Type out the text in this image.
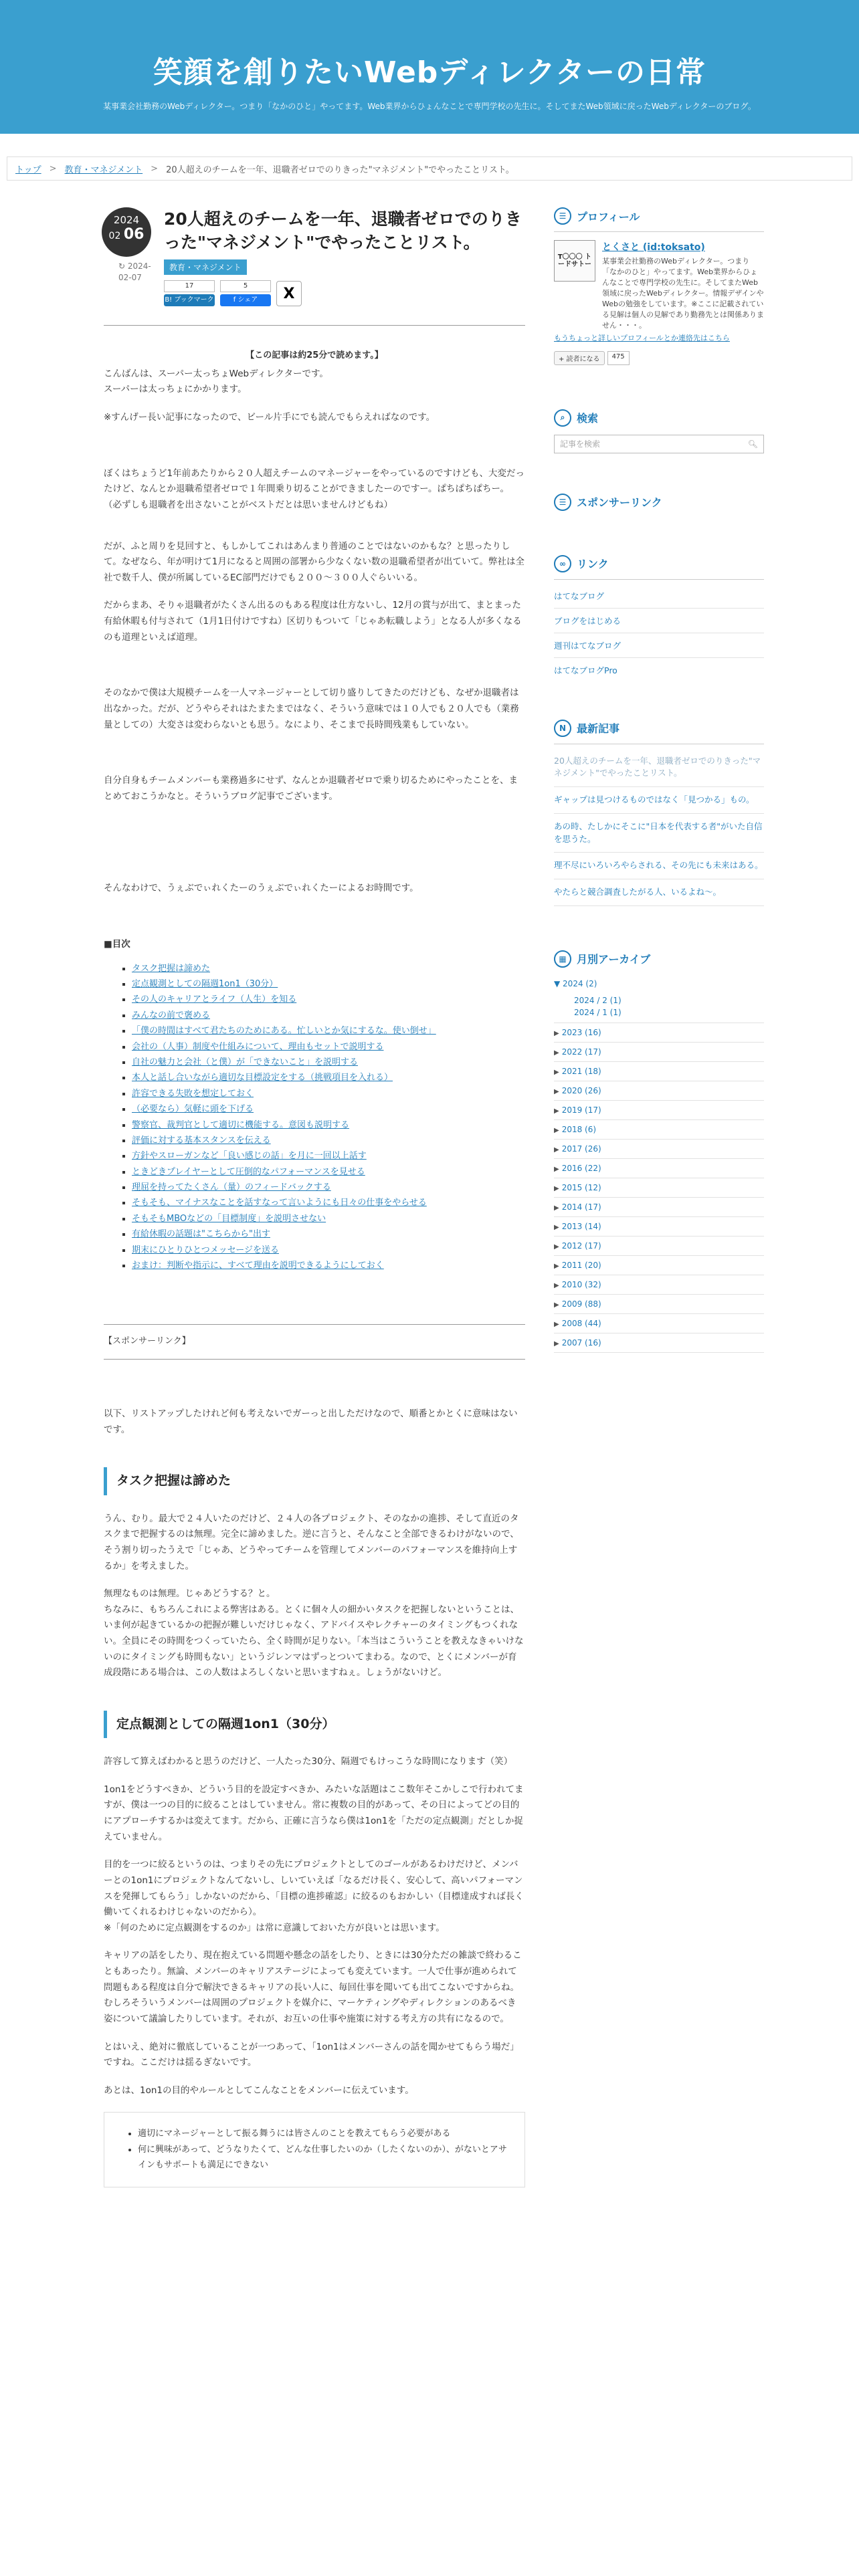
笑顔を創りたいWebディレクターの日常
某事業会社勤務のWebディレクター。つまり「なかのひと」やってます。Web業界からひょんなことで専門学校の先生に。そしてまたWeb領域に戻ったWebディレクターのブログ。
トップ > 教育・マネジメント > 20人超えのチームを一年、退職者ゼロでのりきった"マネジメント"でやったことリスト。
2024
02 06
↻ 2024-02-07
20人超えのチームを一年、退職者ゼロでのりきった"マネジメント"でやったことリスト。
教育・マネジメント
17
B! ブックマーク
5
f シェア	X

【この記事は約25分で読めます。】

こんばんは、スーパー太っちょWebディレクターです。
スーパーは太っちょにかかります。

※すんげー長い記事になったので、ビール片手にでも読んでもらえればなのです。

ぼくはちょうど1年前あたりから２０人超えチームのマネージャーをやっているのですけども、大変だったけど、なんとか退職希望者ゼロで１年間乗り切ることができましたーのですー。ぱちぱちぱちー。
（必ずしも退職者を出さないことがベストだとは思いませんけどもね）

だが、ふと周りを見回すと、もしかしてこれはあんまり普通のことではないのかもな？と思ったりして。なぜなら、年が明けて1月になると周囲の部署から少なくない数の退職希望者が出ていて。弊社は全社で数千人、僕が所属しているEC部門だけでも２００～３００人ぐらいいる。

だからまあ、そりゃ退職者がたくさん出るのもある程度は仕方ないし、12月の賞与が出て、まとまった有給休暇も付与されて（1月1日付けですね）区切りもついて「じゃあ転職しよう」となる人が多くなるのも道理といえば道理。

そのなかで僕は大規模チームを一人マネージャーとして切り盛りしてきたのだけども、なぜか退職者は出なかった。だが、どうやらそれはたまたまではなく、そういう意味では１０人でも２０人でも（業務量としての）大変さは変わらないとも思う。なにより、そこまで長時間残業もしていない。

自分自身もチームメンバーも業務過多にせず、なんとか退職者ゼロで乗り切るためにやったことを、まとめておこうかなと。そういうブログ記事でございます。

そんなわけで、うぇぶでぃれくたーのうぇぶでぃれくたーによるお時間です。

■目次
▪ タスク把握は諦めた
▪ 定点観測としての隔週1on1（30分）
▪ その人のキャリアとライフ（人生）を知る
▪ みんなの前で褒める
▪ 「僕の時間はすべて君たちのためにある。忙しいとか気にするな。使い倒せ」
▪ 会社の（人事）制度や仕組みについて、理由もセットで説明する
▪ 自社の魅力と会社（と僕）が「できないこと」を説明する
▪ 本人と話し合いながら適切な目標設定をする（挑戦項目を入れる）
▪ 許容できる失敗を想定しておく
▪ （必要なら）気軽に頭を下げる
▪ 警察官、裁判官として適切に機能する。意図も説明する
▪ 評価に対する基本スタンスを伝える
▪ 方針やスローガンなど「良い感じの話」を月に一回以上話す
▪ ときどきプレイヤーとして圧倒的なパフォーマンスを見せる
▪ 理屈を持ってたくさん（量）のフィードバックする
▪ そもそも、マイナスなことを話すなって言いようにも日々の仕事をやらせる
▪ そもそもMBOなどの「目標制度」を説明させない
▪ 有給休暇の話題は"こちらから"出す
▪ 期末にひとりひとつメッセージを送る
▪ おまけ：判断や指示に、すべて理由を説明できるようにしておく
【スポンサーリンク】

以下、リストアップしたけれど何も考えないでガーっと出しただけなので、順番とかとくに意味はないです。

タスク把握は諦めた

うん、むり。最大で２４人いたのだけど、２４人の各プロジェクト、そのなかの進捗、そして直近のタスクまで把握するのは無理。完全に諦めました。逆に言うと、そんなこと全部できるわけがないので、そう割り切ったうえで「じゃあ、どうやってチームを管理してメンバーのパフォーマンスを維持向上するか」を考えました。

無理なものは無理。じゃあどうする？と。
ちなみに、もちろんこれによる弊害はある。とくに個々人の細かいタスクを把握しないということは、いま何が起きているかの把握が難しいだけじゃなく、アドバイスやレクチャーのタイミングもつくれない。全員にその時間をつくっていたら、全く時間が足りない。「本当はこういうことを教えなきゃいけないのにタイミングも時間もない」というジレンマはずっとついてまわる。なので、とくにメンバーが育成段階にある場合は、この人数はよろしくないと思いますねぇ。しょうがないけど。

定点観測としての隔週1on1（30分）

許容して算えばわかると思うのだけど、一人たった30分、隔週でもけっこうな時間になります（笑）

1on1をどうすべきか、どういう目的を設定すべきか、みたいな話題はここ数年そこかしこで行われてますが、僕は一つの目的に絞ることはしていません。常に複数の目的があって、その日によってどの目的にアプローチするかは変えてます。だから、正確に言うなら僕は1on1を「ただの定点観測」だとしか捉えていません。

目的を一つに絞るというのは、つまりその先にプロジェクトとしてのゴールがあるわけだけど、メンバーとの1on1にプロジェクトなんてないし、しいていえば「なるだけ長く、安心して、高いパフォーマンスを発揮してもらう」しかないのだから、「目標の進捗確認」に絞るのもおかしい（目標達成すれば長く働いてくれるわけじゃないのだから）。
※「何のために定点観測をするのか」は常に意識しておいた方が良いとは思います。

キャリアの話をしたり、現在抱えている問題や懸念の話をしたり、ときには30分ただの雑談で終わることもあったり。無論、メンバーのキャリアステージによっても変えています。一人で仕事が進められて問題もある程度は自分で解決できるキャリアの長い人に、毎回仕事を聞いても出てこないですからね。むしろそういうメンバーは周囲のプロジェクトを媒介に、マーケティングやディレクションのあるべき姿について議論したりしています。それが、お互いの仕事や施策に対する考え方の共有になるので。

とはいえ、絶対に徹底していることが一つあって、「1on1はメンバーさんの話を聞かせてもらう場だ」ですね。ここだけは揺るぎないです。

あとは、1on1の目的やルールとしてこんなことをメンバーに伝えています。

• 適切にマネージャーとして振る舞うには皆さんのことを教えてもらう必要がある
• 何に興味があって、どうなりたくて、どんな仕事したいのか（したくないのか）、がないとアサインもサポートも満足にできない
☰ プロフィール
T〇〇〇 トードサトー
とくさと (id:toksato)
某事業会社勤務のWebディレクター。つまり「なかのひと」やってます。Web業界からひょんなことで専門学校の先生に。そしてまたWeb領域に戻ったWebディレクター。情報デザインやWebの勉強をしています。※ここに記載されている見解は個人の見解であり勤務先とは関係ありません・・・。
もうちょっと詳しいプロフィールとか連絡先はこちら
+ 読者になる	475
⌕	検索
記事を検索	🔍︎
☰ スポンサーリンク
∞	リンク
はてなブログ
ブログをはじめる
週刊はてなブログ
はてなブログPro
N 最新記事
20人超えのチームを一年、退職者ゼロでのりきった"マネジメント"でやったことリスト。
ギャップは見つけるものではなく「見つかる」もの。
あの時、たしかにそこに"日本を代表する者"がいた自信を思うた。
理不尽にいろいろやらされる、その先にも未来はある。
やたらと競合調査したがる人、いるよね～。
▦ 月別アーカイブ
▼ 2024 (2)
2024 / 2 (1)
2024 / 1 (1)
▶ 2023 (16)
▶ 2022 (17)
▶ 2021 (18)
▶ 2020 (26)
▶ 2019 (17)
▶ 2018 (6)
▶ 2017 (26)
▶ 2016 (22)
▶ 2015 (12)
▶ 2014 (17)
▶ 2013 (14)
▶ 2012 (17)
▶ 2011 (20)
▶ 2010 (32)
▶ 2009 (88)
▶ 2008 (44)
▶ 2007 (16)
